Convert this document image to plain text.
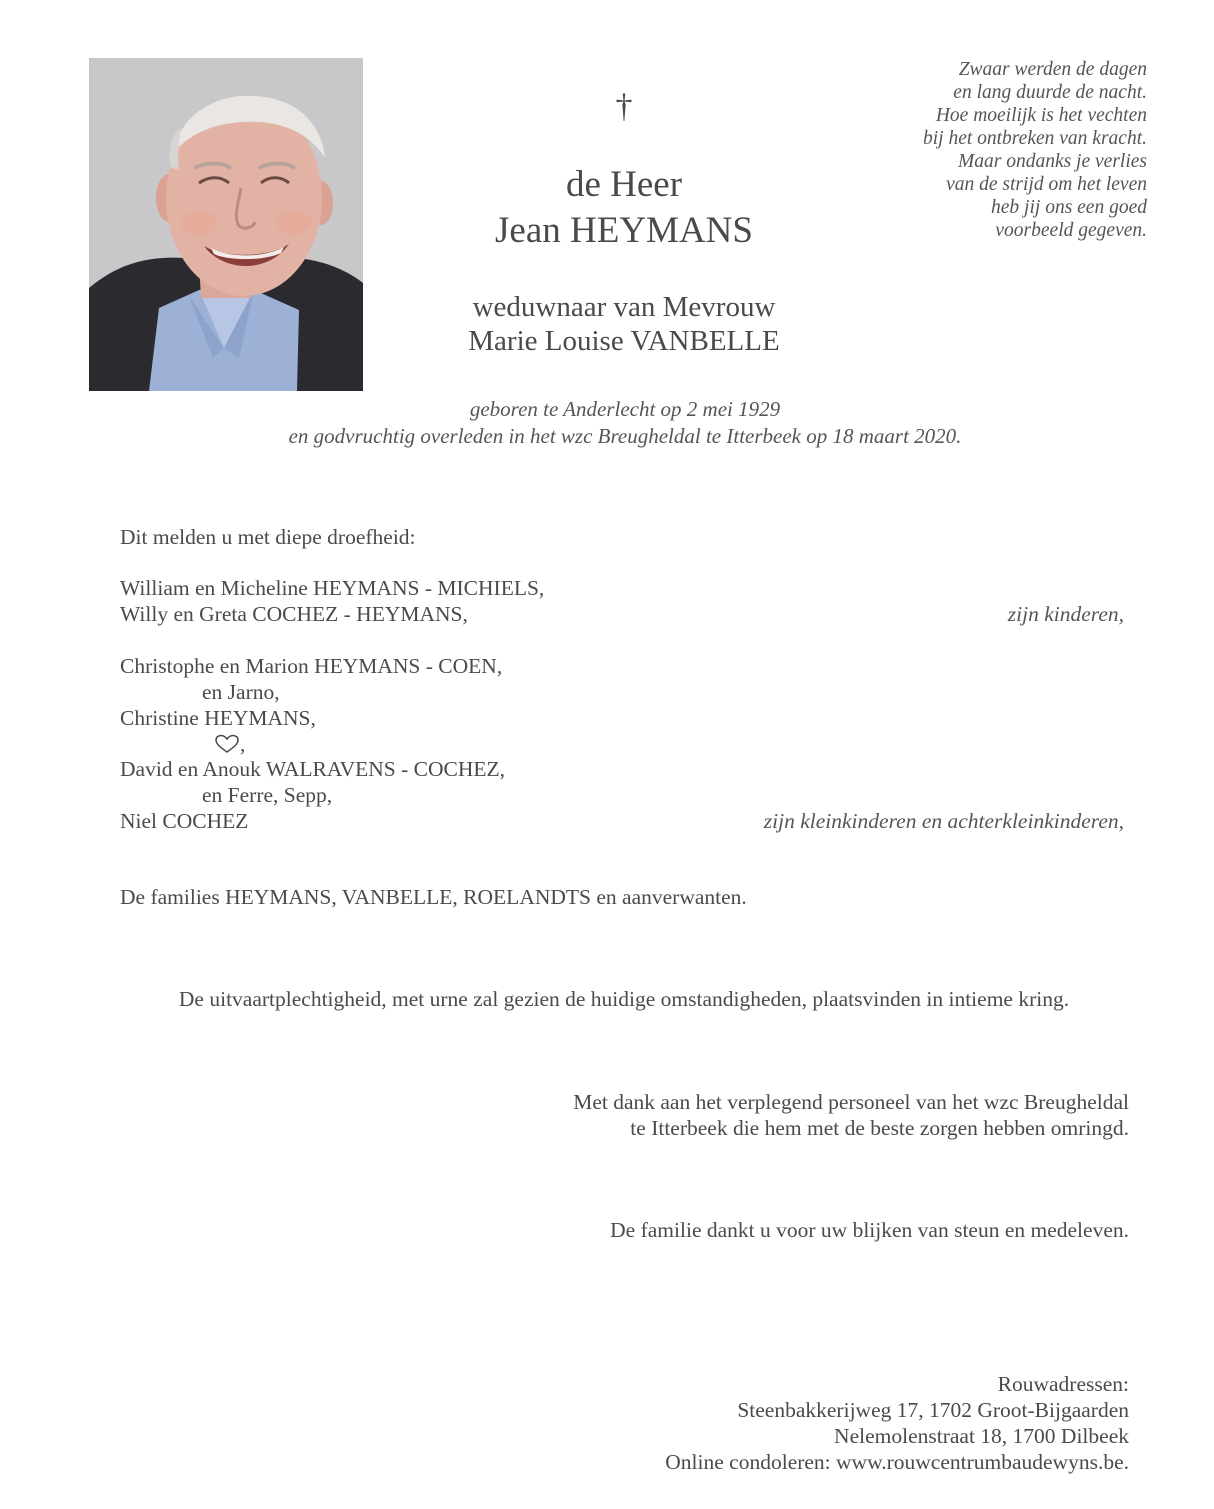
†
de Heer
Jean HEYMANS
weduwnaar van Mevrouw
Marie Louise VANBELLE
Zwaar werden de dagen
en lang duurde de nacht.
Hoe moeilijk is het vechten
bij het ontbreken van kracht.
Maar ondanks je verlies
van de strijd om het leven
heb jij ons een goed
voorbeeld gegeven.
geboren te Anderlecht op 2 mei 1929
en godvruchtig overleden in het wzc Breugheldal te Itterbeek op 18 maart 2020.
Dit melden u met diepe droefheid:
William en Micheline HEYMANS - MICHIELS,
Willy en Greta COCHEZ - HEYMANS,	zijn kinderen,
Christophe en Marion HEYMANS - COEN,
en Jarno,
Christine HEYMANS,
,
David en Anouk WALRAVENS - COCHEZ,
en Ferre, Sepp,
Niel COCHEZ	zijn kleinkinderen en achterkleinkinderen,
De families HEYMANS, VANBELLE, ROELANDTS en aanverwanten.
De uitvaartplechtigheid, met urne zal gezien de huidige omstandigheden, plaatsvinden in intieme kring.
Met dank aan het verplegend personeel van het wzc Breugheldal
te Itterbeek die hem met de beste zorgen hebben omringd.
De familie dankt u voor uw blijken van steun en medeleven.
Rouwadressen:
Steenbakkerijweg 17, 1702 Groot-Bijgaarden
Nelemolenstraat 18, 1700 Dilbeek
Online condoleren: www.rouwcentrumbaudewyns.be.
